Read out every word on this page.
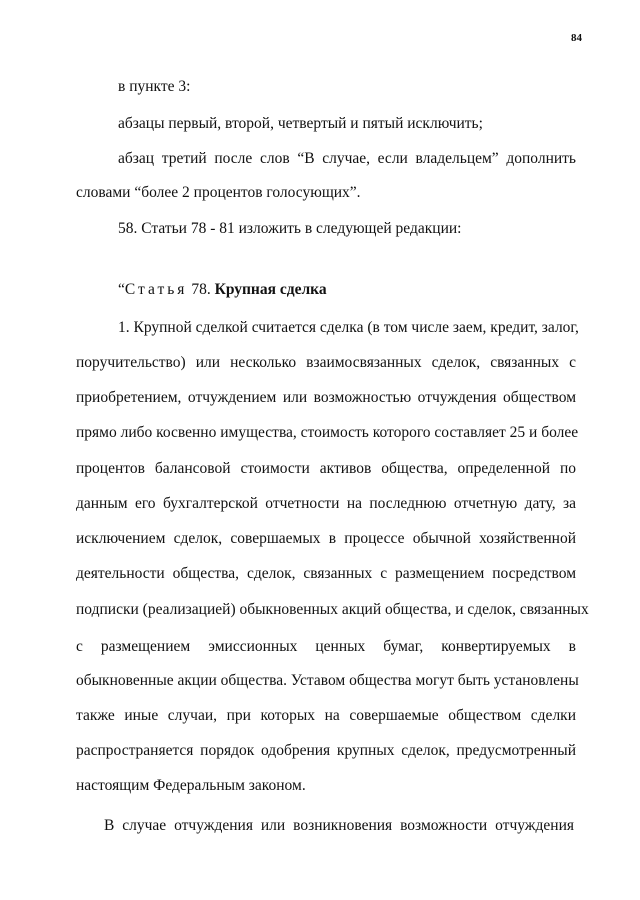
84
в пункте 3:
абзацы первый, второй, четвертый и пятый исключить;
абзац третий после слов “В случае, если владельцем” дополнить
словами “более 2 процентов голосующих”.
58. Статьи 78 - 81 изложить в следующей редакции:
“Статья 78. Крупная сделка
1. Крупной сделкой считается сделка (в том числе заем, кредит, залог,
поручительство) или несколько взаимосвязанных сделок, связанных с
приобретением, отчуждением или возможностью отчуждения обществом
прямо либо косвенно имущества, стоимость которого составляет 25 и более
процентов балансовой стоимости активов общества, определенной по
данным его бухгалтерской отчетности на последнюю отчетную дату, за
исключением сделок, совершаемых в процессе обычной хозяйственной
деятельности общества, сделок, связанных с размещением посредством
подписки (реализацией) обыкновенных акций общества, и сделок, связанных
с размещением эмиссионных ценных бумаг, конвертируемых в
обыкновенные акции общества. Уставом общества могут быть установлены
также иные случаи, при которых на совершаемые обществом сделки
распространяется порядок одобрения крупных сделок, предусмотренный
настоящим Федеральным законом.
В случае отчуждения или возникновения возможности отчуждения
